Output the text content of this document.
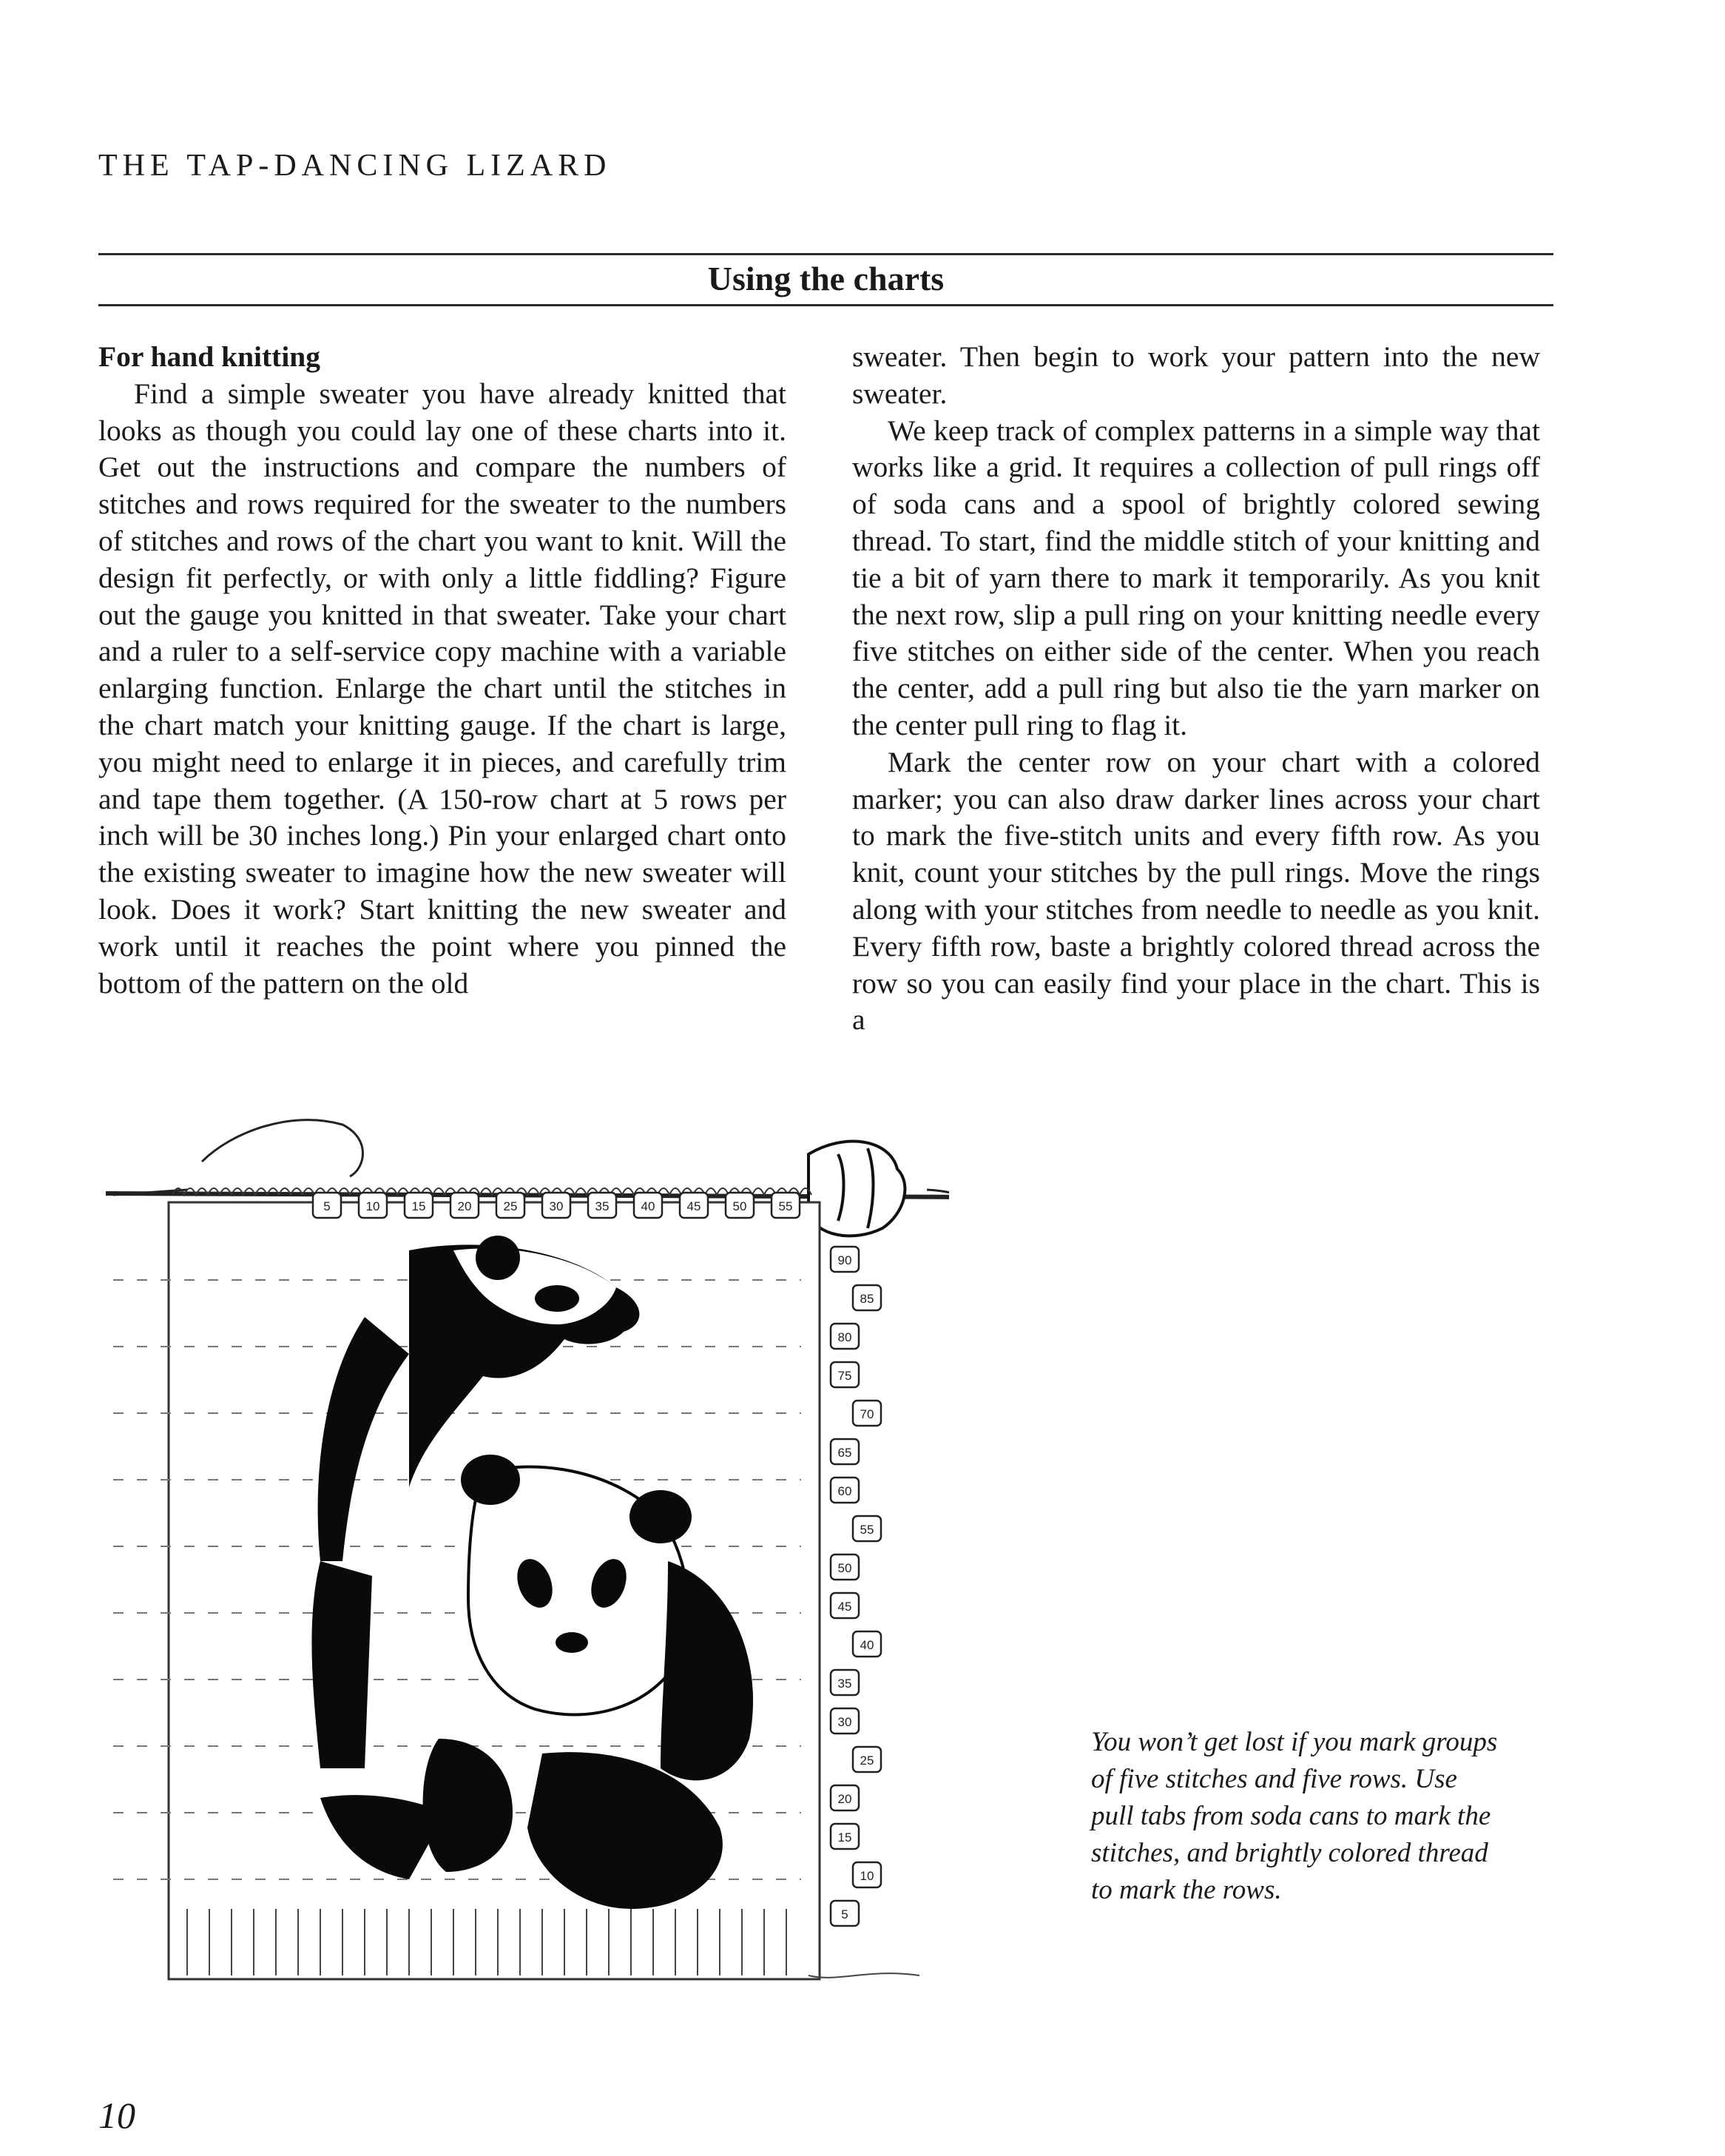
THE TAP-DANCING LIZARD
Using the charts
For hand knitting

Find a simple sweater you have already knitted that looks as though you could lay one of these charts into it. Get out the instructions and compare the numbers of stitches and rows required for the sweater to the numbers of stitches and rows of the chart you want to knit. Will the design fit perfectly, or with only a little fiddling? Figure out the gauge you knitted in that sweater. Take your chart and a ruler to a self-service copy machine with a variable enlarging function. Enlarge the chart until the stitches in the chart match your knitting gauge. If the chart is large, you might need to enlarge it in pieces, and carefully trim and tape them together. (A 150-row chart at 5 rows per inch will be 30 inches long.) Pin your enlarged chart onto the existing sweater to imagine how the new sweater will look. Does it work? Start knitting the new sweater and work until it reaches the point where you pinned the bottom of the pattern on the old

sweater. Then begin to work your pattern into the new sweater.

We keep track of complex patterns in a simple way that works like a grid. It requires a collection of pull rings off of soda cans and a spool of brightly colored sewing thread. To start, find the middle stitch of your knitting and tie a bit of yarn there to mark it temporarily. As you knit the next row, slip a pull ring on your knitting needle every five stitches on either side of the center. When you reach the center, add a pull ring but also tie the yarn marker on the center pull ring to flag it.

Mark the center row on your chart with a colored marker; you can also draw darker lines across your chart to mark the five-stitch units and every fifth row. As you knit, count your stitches by the pull rings. Move the rings along with your stitches from needle to needle as you knit. Every fifth row, baste a brightly colored thread across the row so you can easily find your place in the chart. This is a

5	10	15	20	25	30	35	40	45	50	55
90
85
80
75
70
65
60
55
50
45
40
35
30
25
20
15
10
5
You won’t get lost if you mark groups of five stitches and five rows. Use pull tabs from soda cans to mark the stitches, and brightly colored thread to mark the rows.
10
